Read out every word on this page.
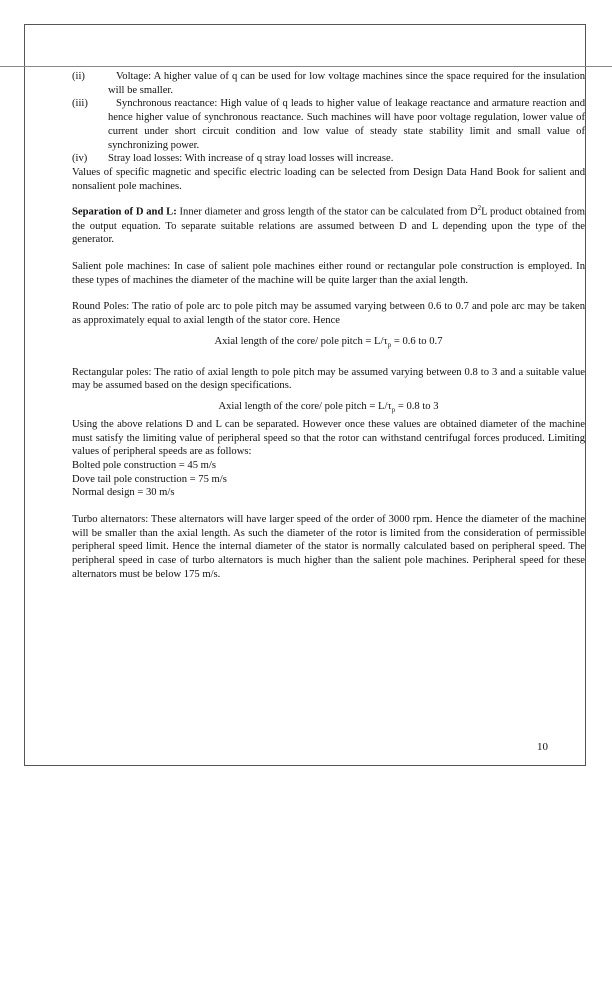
(ii)	Voltage: A higher value of q can be used for low voltage machines since the space required for the insulation will be smaller.
(iii)	Synchronous reactance: High value of q leads to higher value of leakage reactance and armature reaction and hence higher value of synchronous reactance. Such machines will have poor voltage regulation, lower value of current under short circuit condition and low value of steady state stability limit and small value of synchronizing power.
(iv)	Stray load losses: With increase of q stray load losses will increase.

Values of specific magnetic and specific electric loading can be selected from Design Data Hand Book for salient and nonsalient pole machines.

Separation of D and L: Inner diameter and gross length of the stator can be calculated from $D^2L$ product obtained from the output equation. To separate suitable relations are assumed between D and L depending upon the type of the generator.

Salient pole machines: In case of salient pole machines either round or rectangular pole construction is employed. In these types of machines the diameter of the machine will be quite larger than the axial length.

Round Poles: The ratio of pole arc to pole pitch may be assumed varying between 0.6 to 0.7 and pole arc may be taken as approximately equal to axial length of the stator core. Hence

Axial length of the core/ pole pitch = $L/\tau_p = 0.6$ to 0.7

Rectangular poles: The ratio of axial length to pole pitch may be assumed varying between 0.8 to 3 and a suitable value may be assumed based on the design specifications.

Axial length of the core/ pole pitch = $L/\tau_p = 0.8$ to 3

Using the above relations D and L can be separated. However once these values are obtained diameter of the machine must satisfy the limiting value of peripheral speed so that the rotor can withstand centrifugal forces produced. Limiting values of peripheral speeds are as follows:

Bolted pole construction = 45 m/s

Dove tail pole construction = 75 m/s

Normal design = 30 m/s

Turbo alternators: These alternators will have larger speed of the order of 3000 rpm. Hence the diameter of the machine will be smaller than the axial length. As such the diameter of the rotor is limited from the consideration of permissible peripheral speed limit. Hence the internal diameter of the stator is normally calculated based on peripheral speed. The peripheral speed in case of turbo alternators is much higher than the salient pole machines. Peripheral speed for these alternators must be below 175 m/s.

10
